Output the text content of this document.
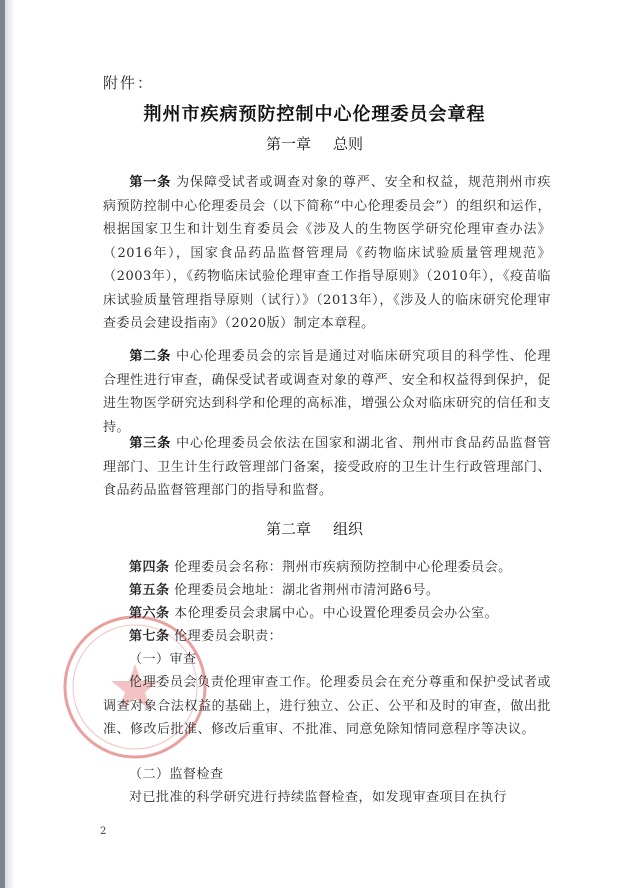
附件：
荆州市疾病预防控制中心伦理委员会章程
第一章 总则
第一条 为保障受试者或调查对象的尊严、安全和权益，规范荆州市疾病预防控制中心伦理委员会（以下简称“中心伦理委员会”）的组织和运作，根据国家卫生和计划生育委员会《涉及人的生物医学研究伦理审查办法》（2016年），国家食品药品监督管理局《药物临床试验质量管理规范》（2003年），《药物临床试验伦理审查工作指导原则》（2010年），《疫苗临床试验质量管理指导原则（试行）》（2013年），《涉及人的临床研究伦理审查委员会建设指南》（2020版）制定本章程。
第二条 中心伦理委员会的宗旨是通过对临床研究项目的科学性、伦理合理性进行审查，确保受试者或调查对象的尊严、安全和权益得到保护，促进生物医学研究达到科学和伦理的高标准，增强公众对临床研究的信任和支持。
第三条 中心伦理委员会依法在国家和湖北省、荆州市食品药品监督管理部门、卫生计生行政管理部门备案，接受政府的卫生计生行政管理部门、食品药品监督管理部门的指导和监督。
第二章 组织
第四条 伦理委员会名称：荆州市疾病预防控制中心伦理委员会。
第五条 伦理委员会地址：湖北省荆州市清河路6号。
第六条 本伦理委员会隶属中心。中心设置伦理委员会办公室。
第七条 伦理委员会职责：
（一）审查
伦理委员会负责伦理审查工作。伦理委员会在充分尊重和保护受试者或调查对象合法权益的基础上，进行独立、公正、公平和及时的审查，做出批准、修改后批准、修改后重审、不批准、同意免除知情同意程序等决议。
（二）监督检查
对已批准的科学研究进行持续监督检查，如发现审查项目在执行
2
